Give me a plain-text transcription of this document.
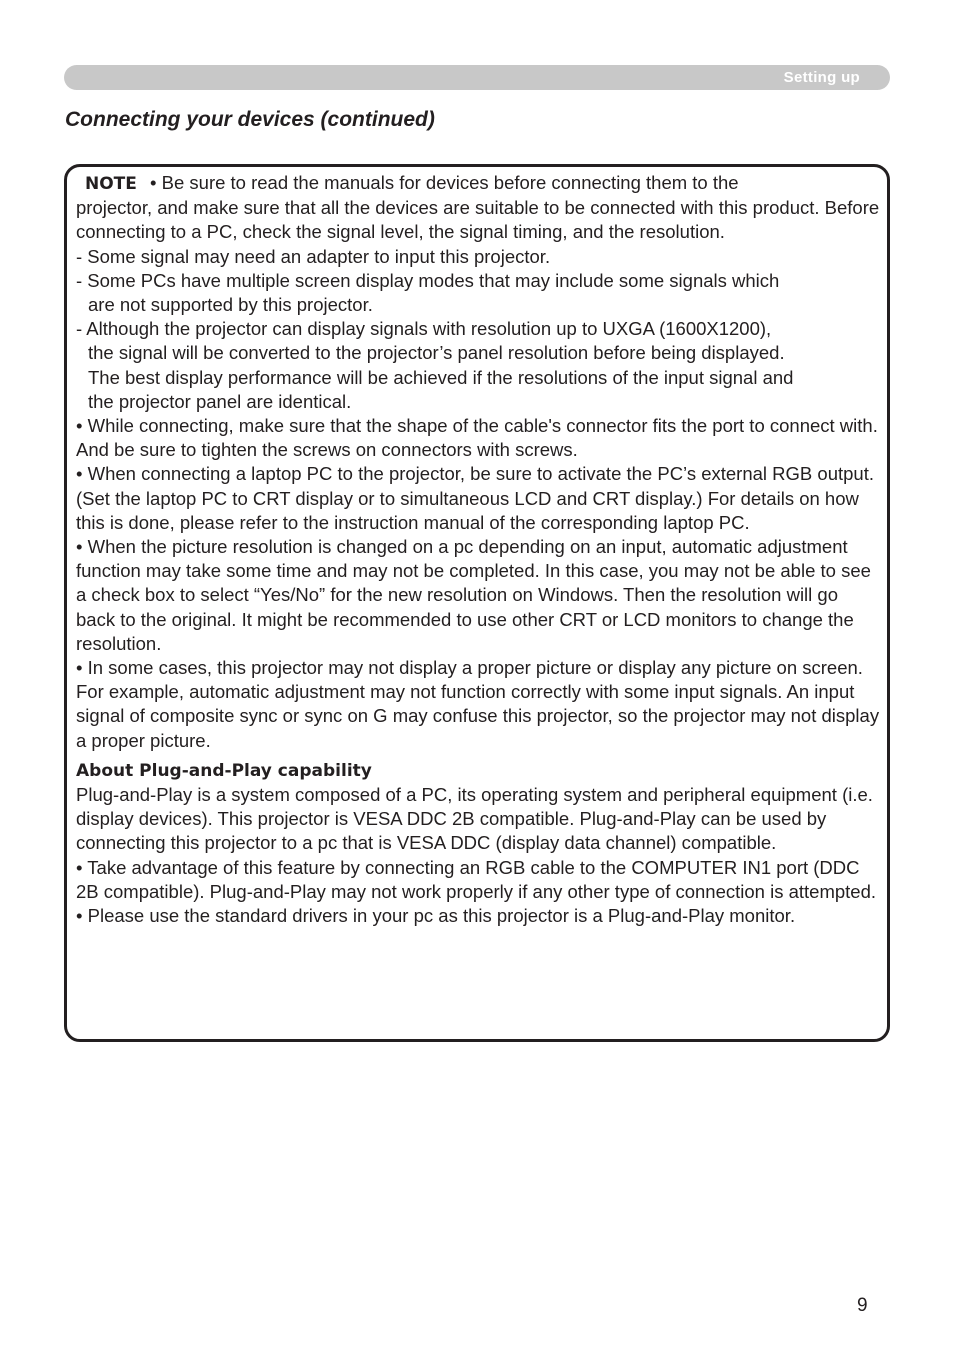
Setting up
Connecting your devices (continued)

NOTE • Be sure to read the manuals for devices before connecting them to the
projector, and make sure that all the devices are suitable to be connected with this product. Before connecting to a PC, check the signal level, the signal timing, and the resolution.

- Some signal may need an adapter to input this projector.

- Some PCs have multiple screen display modes that may include some signals which
are not supported by this projector.

- Although the projector can display signals with resolution up to UXGA (1600X1200),
the signal will be converted to the projector’s panel resolution before being displayed.
The best display performance will be achieved if the resolutions of the input signal and
the projector panel are identical.

• While connecting, make sure that the shape of the cable's connector fits the port to connect with. And be sure to tighten the screws on connectors with screws.

• When connecting a laptop PC to the projector, be sure to activate the PC’s external RGB output. (Set the laptop PC to CRT display or to simultaneous LCD and CRT display.) For details on how this is done, please refer to the instruction manual of the corresponding laptop PC.

• When the picture resolution is changed on a pc depending on an input, automatic adjustment function may take some time and may not be completed. In this case, you may not be able to see a check box to select “Yes/No” for the new resolution on Windows. Then the resolution will go back to the original. It might be recommended to use other CRT or LCD monitors to change the resolution.

• In some cases, this projector may not display a proper picture or display any picture on screen. For example, automatic adjustment may not function correctly with some input signals. An input signal of composite sync or sync on G may confuse this projector, so the projector may not display a proper picture.

About Plug-and-Play capability

Plug-and-Play is a system composed of a PC, its operating system and peripheral equipment (i.e. display devices). This projector is VESA DDC 2B compatible. Plug-and-Play can be used by connecting this projector to a pc that is VESA DDC (display data channel) compatible.

• Take advantage of this feature by connecting an RGB cable to the COMPUTER IN1 port (DDC 2B compatible). Plug-and-Play may not work properly if any other type of connection is attempted.

• Please use the standard drivers in your pc as this projector is a Plug-and-Play monitor.

9
